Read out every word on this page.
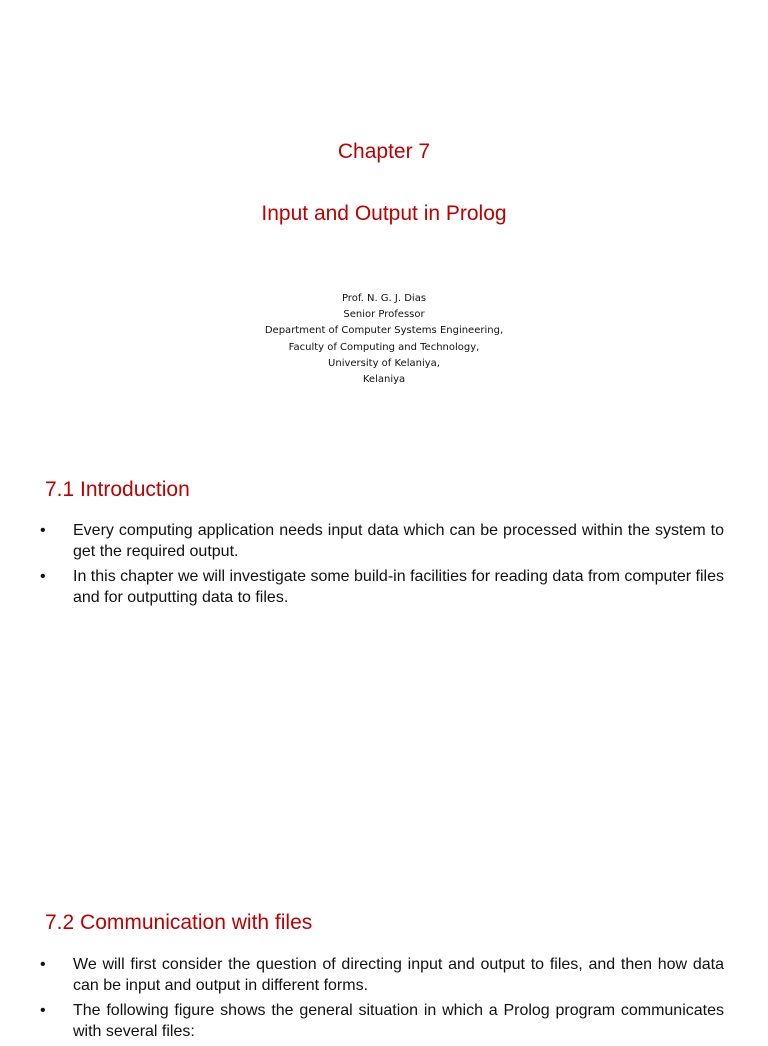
Chapter 7
Input and Output in Prolog
Prof. N. G. J. Dias
Senior Professor
Department of Computer Systems Engineering,
Faculty of Computing and Technology,
University of Kelaniya,
Kelaniya
7.1 Introduction
•	Every computing application needs input data which can be processed within the system to get the required output.
•	In this chapter we will investigate some build-in facilities for reading data from computer files and for outputting data to files.
7.2 Communication with files
•	We will first consider the question of directing input and output to files, and then how data can be input and output in different forms.
•	The following figure shows the general situation in which a Prolog program communicates with several files:
